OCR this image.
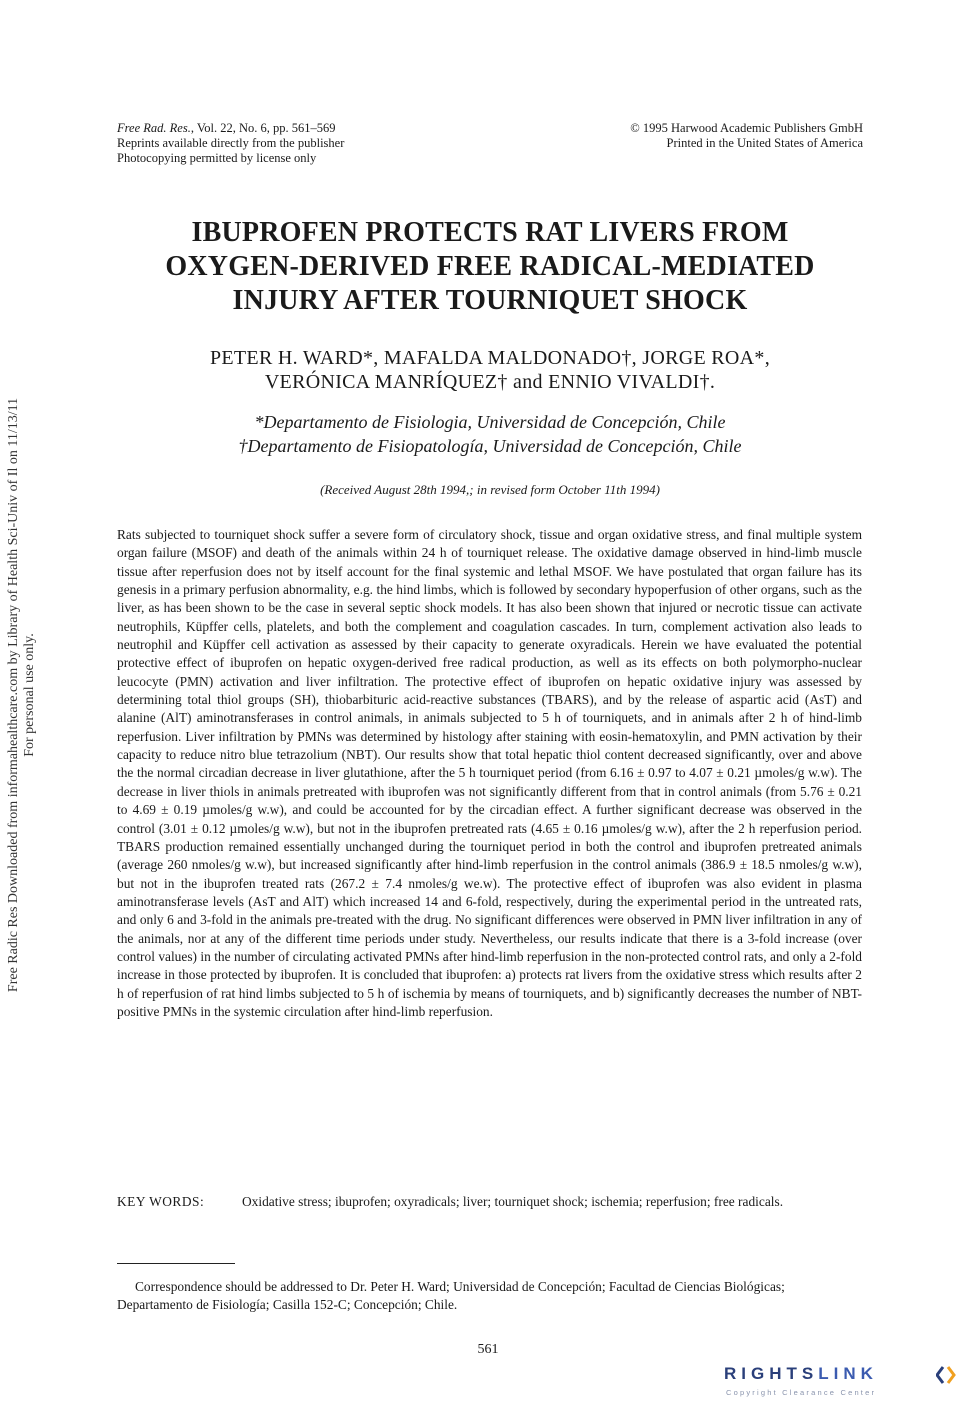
Free Radic Res Downloaded from informahealthcare.com by Library of Health Sci-Univ of Il on 11/13/11 For personal use only.
Free Rad. Res., Vol. 22, No. 6, pp. 561–569
Reprints available directly from the publisher
Photocopying permitted by license only
© 1995 Harwood Academic Publishers GmbH
Printed in the United States of America
IBUPROFEN PROTECTS RAT LIVERS FROM
OXYGEN-DERIVED FREE RADICAL-MEDIATED
INJURY AFTER TOURNIQUET SHOCK
PETER H. WARD*, MAFALDA MALDONADO†, JORGE ROA*,
VERÓNICA MANRÍQUEZ† and ENNIO VIVALDI†.
*Departamento de Fisiologia, Universidad de Concepción, Chile
†Departamento de Fisiopatología, Universidad de Concepción, Chile
(Received August 28th 1994,; in revised form October 11th 1994)

Rats subjected to tourniquet shock suffer a severe form of circulatory shock, tissue and organ oxidative stress, and final multiple system organ failure (MSOF) and death of the animals within 24 h of tourniquet release. The oxidative damage observed in hind-limb muscle tissue after reperfusion does not by itself account for the final systemic and lethal MSOF. We have postulated that organ failure has its genesis in a primary perfusion abnormality, e.g. the hind limbs, which is followed by secondary hypoperfusion of other organs, such as the liver, as has been shown to be the case in several septic shock models. It has also been shown that injured or necrotic tissue can activate neutrophils, Küpffer cells, platelets, and both the complement and coagulation cascades. In turn, complement activation also leads to neutrophil and Küpffer cell activation as assessed by their capacity to generate oxyradicals. Herein we have evaluated the potential protective effect of ibuprofen on hepatic oxygen-derived free radical production, as well as its effects on both polymorpho-nuclear leucocyte (PMN) activation and liver infiltration. The protective effect of ibuprofen on hepatic oxidative injury was assessed by determining total thiol groups (SH), thiobarbituric acid-reactive substances (TBARS), and by the release of aspartic acid (AsT) and alanine (AlT) aminotransferases in control animals, in animals subjected to 5 h of tourniquets, and in animals after 2 h of hind-limb reperfusion. Liver infiltration by PMNs was determined by histology after staining with eosin-hematoxylin, and PMN activation by their capacity to reduce nitro blue tetrazolium (NBT). Our results show that total hepatic thiol content decreased significantly, over and above the the normal circadian decrease in liver glutathione, after the 5 h tourniquet period (from 6.16 ± 0.97 to 4.07 ± 0.21 µmoles/g w.w). The decrease in liver thiols in animals pretreated with ibuprofen was not significantly different from that in control animals (from 5.76 ± 0.21 to 4.69 ± 0.19 µmoles/g w.w), and could be accounted for by the circadian effect. A further significant decrease was observed in the control (3.01 ± 0.12 µmoles/g w.w), but not in the ibuprofen pretreated rats (4.65 ± 0.16 µmoles/g w.w), after the 2 h reperfusion period. TBARS production remained essentially unchanged during the tourniquet period in both the control and ibuprofen pretreated animals (average 260 nmoles/g w.w), but increased significantly after hind-limb reperfusion in the control animals (386.9 ± 18.5 nmoles/g w.w), but not in the ibuprofen treated rats (267.2 ± 7.4 nmoles/g we.w). The protective effect of ibuprofen was also evident in plasma aminotransferase levels (AsT and AlT) which increased 14 and 6-fold, respectively, during the experimental period in the untreated rats, and only 6 and 3-fold in the animals pre-treated with the drug. No significant differences were observed in PMN liver infiltration in any of the animals, nor at any of the different time periods under study. Nevertheless, our results indicate that there is a 3-fold increase (over control values) in the number of circulating activated PMNs after hind-limb reperfusion in the non-protected control rats, and only a 2-fold increase in those protected by ibuprofen. It is concluded that ibuprofen: a) protects rat livers from the oxidative stress which results after 2 h of reperfusion of rat hind limbs subjected to 5 h of ischemia by means of tourniquets, and b) significantly decreases the number of NBT-positive PMNs in the systemic circulation after hind-limb reperfusion.

KEY WORDS:	Oxidative stress; ibuprofen; oxyradicals; liver; tourniquet shock; ischemia; reperfusion; free radicals.

Correspondence should be addressed to Dr. Peter H. Ward; Universidad de Concepción; Facultad de Ciencias Biológicas; Departamento de Fisiología; Casilla 152-C; Concepción; Chile.

561
RIGHTSLINK
Copyright Clearance Center
